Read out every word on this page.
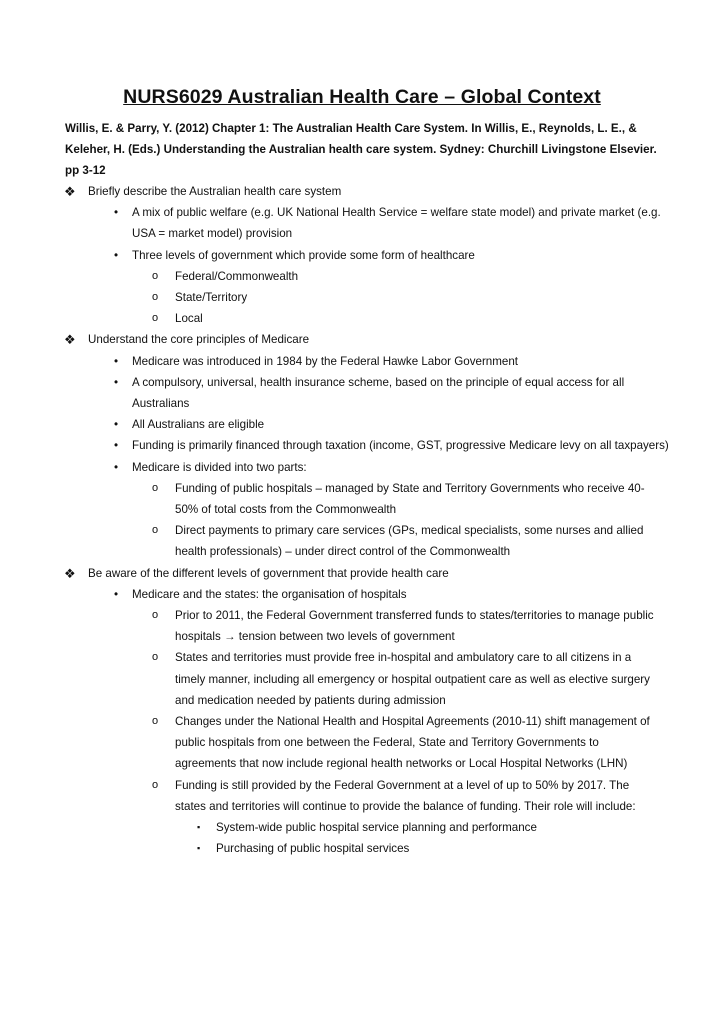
NURS6029 Australian Health Care – Global Context
Willis, E. & Parry, Y. (2012) Chapter 1: The Australian Health Care System. In Willis, E., Reynolds, L. E., & Keleher, H. (Eds.) Understanding the Australian health care system. Sydney: Churchill Livingstone Elsevier. pp 3-12
❖ Briefly describe the Australian health care system
• A mix of public welfare (e.g. UK National Health Service = welfare state model) and private market (e.g. USA = market model) provision
• Three levels of government which provide some form of healthcare
o Federal/Commonwealth
o State/Territory
o Local
❖ Understand the core principles of Medicare
• Medicare was introduced in 1984 by the Federal Hawke Labor Government
• A compulsory, universal, health insurance scheme, based on the principle of equal access for all Australians
• All Australians are eligible
• Funding is primarily financed through taxation (income, GST, progressive Medicare levy on all taxpayers)
• Medicare is divided into two parts:
o Funding of public hospitals – managed by State and Territory Governments who receive 40-50% of total costs from the Commonwealth
o Direct payments to primary care services (GPs, medical specialists, some nurses and allied health professionals) – under direct control of the Commonwealth
❖ Be aware of the different levels of government that provide health care
• Medicare and the states: the organisation of hospitals
o Prior to 2011, the Federal Government transferred funds to states/territories to manage public hospitals → tension between two levels of government
o States and territories must provide free in-hospital and ambulatory care to all citizens in a timely manner, including all emergency or hospital outpatient care as well as elective surgery and medication needed by patients during admission
o Changes under the National Health and Hospital Agreements (2010-11) shift management of public hospitals from one between the Federal, State and Territory Governments to agreements that now include regional health networks or Local Hospital Networks (LHN)
o Funding is still provided by the Federal Government at a level of up to 50% by 2017. The states and territories will continue to provide the balance of funding. Their role will include:
▪ System-wide public hospital service planning and performance
▪ Purchasing of public hospital services
